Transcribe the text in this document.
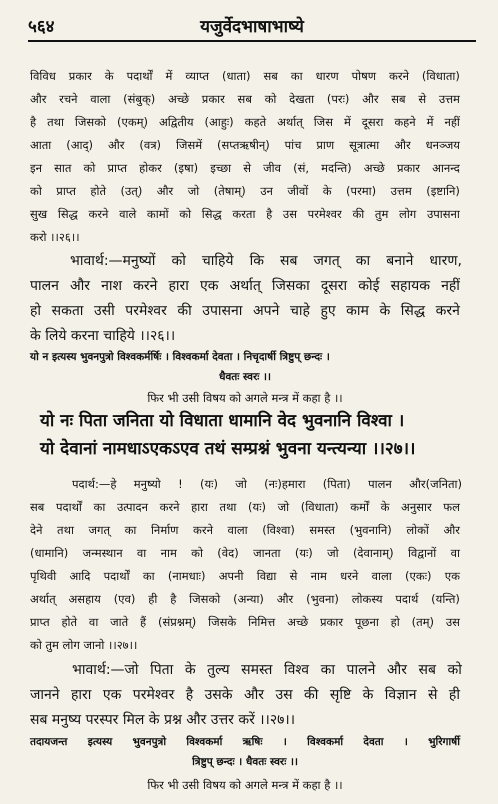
५६४	यजुर्वेदभाषाभाष्ये
विविध प्रकार के पदार्थों में व्याप्त (धाता) सब का धारण पोषण करने (विधाता)
और रचने वाला (संबुक्) अच्छे प्रकार सब को देखता (परः) और सब से उत्तम
है तथा जिसको (एकम्) अद्वितीय (आहुः) कहते अर्थात् जिस में दूसरा कहने में नहीं
आता (आद्) और (वत्र) जिसमें (सप्तऋषीन्) पांच प्राण सूत्रात्मा और धनञ्जय
इन सात को प्राप्त होकर (इषा) इच्छा से जीव (सं, मदन्ति) अच्छे प्रकार आनन्द
को प्राप्त होते (उत्) और जो (तेषाम्) उन जीवों के (परमा) उत्तम (इष्टानि)
सुख सिद्ध करने वाले कामों को सिद्ध करता है उस परमेश्वर की तुम लोग उपासना
करो ।।२६।।
भावार्थ:—मनुष्यों को चाहिये कि सब जगत् का बनाने धारण,
पालन और नाश करने हारा एक अर्थात् जिसका दूसरा कोई सहायक नहीं
हो सकता उसी परमेश्वर की उपासना अपने चाहे हुए काम के सिद्ध करने
के लिये करना चाहिये ।।२६।।
यो न इत्यस्य भुवनपुत्रो विश्वकर्मर्षिः । विश्वकर्मा देवता । निचृदार्षी त्रिष्टुप् छन्दः ।
धैवतः स्वरः ।।
फिर भी उसी विषय को अगले मन्त्र में कहा है ।।
यो नः पिता जनिता यो विधाता धामानि वेद भुवनानि विश्वा ।
यो देवानां नामधाऽएकऽएव तथं सम्प्रश्नं भुवना यन्त्यन्या ।।२७।।
पदार्थ:—हे मनुष्यो ! (यः) जो (नः)हमारा (पिता) पालन और(जनिता)
सब पदार्थों का उत्पादन करने हारा तथा (यः) जो (विधाता) कर्मों के अनुसार फल
देने तथा जगत् का निर्माण करने वाला (विश्वा) समस्त (भुवनानि) लोकों और
(धामानि) जन्मस्थान वा नाम को (वेद) जानता (यः) जो (देवानाम्) विद्वानों वा
पृथिवी आदि पदार्थों का (नामधाः) अपनी विद्या से नाम धरने वाला (एकः) एक
अर्थात् असहाय (एव) ही है जिसको (अन्या) और (भुवना) लोकस्य पदार्थ (यन्ति)
प्राप्त होते वा जाते हैं (संप्रश्नम्) जिसके निमित्त अच्छे प्रकार पूछना हो (तम्) उस
को तुम लोग जानो ।।२७।।
भावार्थ:—जो पिता के तुल्य समस्त विश्व का पालने और सब को
जानने हारा एक परमेश्वर है उसके और उस की सृष्टि के विज्ञान से ही
सब मनुष्य परस्पर मिल के प्रश्न और उत्तर करें ।।२७।।
तदायजन्त इत्यस्य भुवनपुत्रो विश्वकर्मा ऋषिः । विश्वकर्मा देवता । भुरिगार्षी
त्रिष्टुप् छन्दः । धैवतः स्वरः ।।
फिर भी उसी विषय को अगले मन्त्र में कहा है ।।
